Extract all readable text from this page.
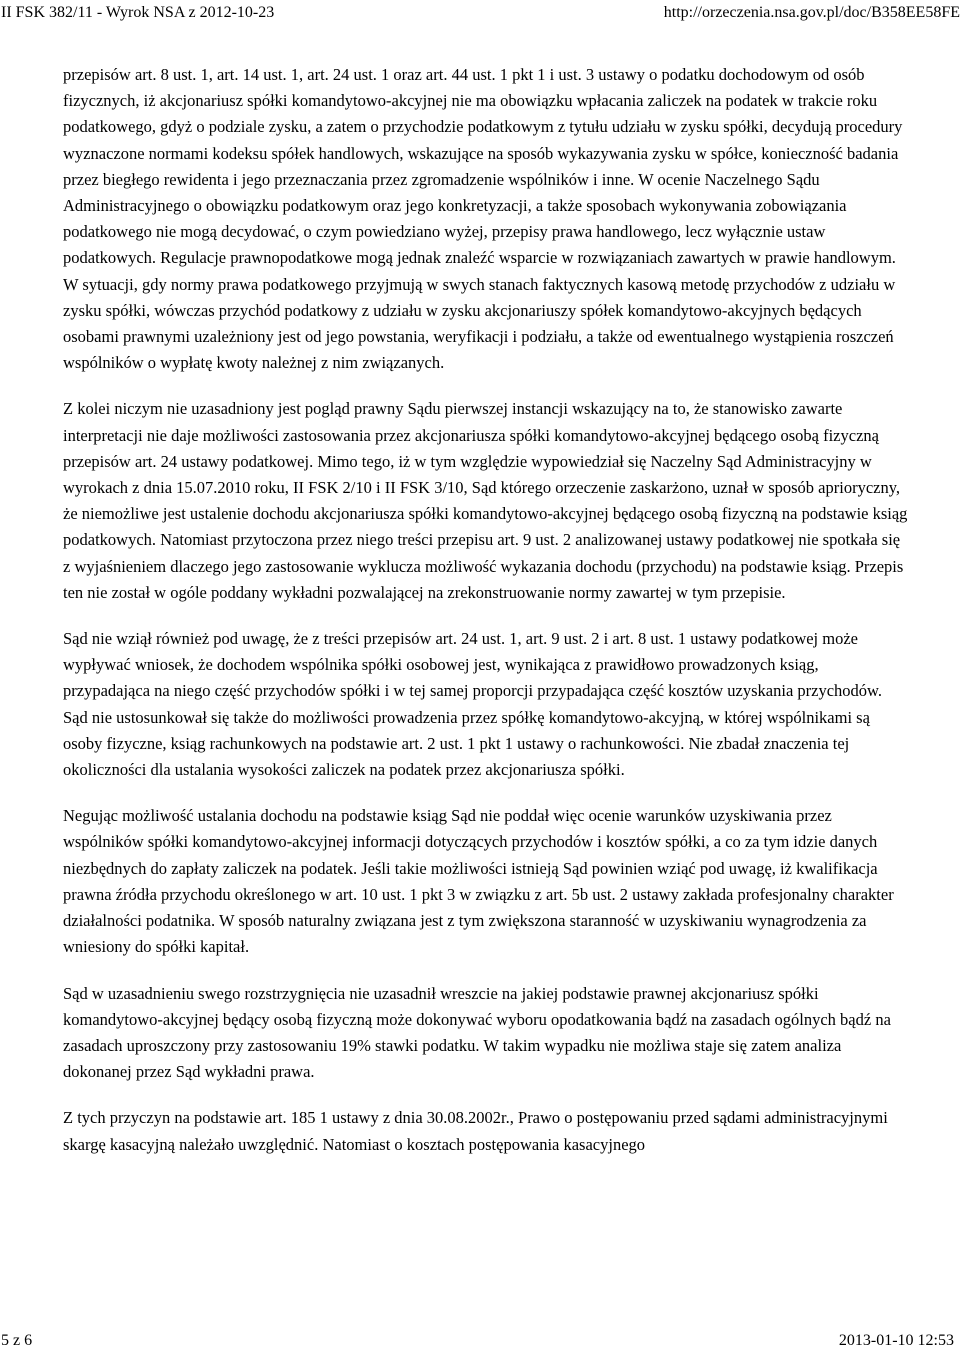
II FSK 382/11 - Wyrok NSA z 2012-10-23	http://orzeczenia.nsa.gov.pl/doc/B358EE58FE

przepisów art. 8 ust. 1, art. 14 ust. 1, art. 24 ust. 1 oraz art. 44 ust. 1 pkt 1 i ust. 3 ustawy o podatku dochodowym od osób fizycznych, iż akcjonariusz spółki komandytowo-akcyjnej nie ma obowiązku wpłacania zaliczek na podatek w trakcie roku podatkowego, gdyż o podziale zysku, a zatem o przychodzie podatkowym z tytułu udziału w zysku spółki, decydują procedury wyznaczone normami kodeksu spółek handlowych, wskazujące na sposób wykazywania zysku w spółce, konieczność badania przez biegłego rewidenta i jego przeznaczania przez zgromadzenie wspólników i inne. W ocenie Naczelnego Sądu Administracyjnego o obowiązku podatkowym oraz jego konkretyzacji, a także sposobach wykonywania zobowiązania podatkowego nie mogą decydować, o czym powiedziano wyżej, przepisy prawa handlowego, lecz wyłącznie ustaw podatkowych. Regulacje prawnopodatkowe mogą jednak znaleźć wsparcie w rozwiązaniach zawartych w prawie handlowym. W sytuacji, gdy normy prawa podatkowego przyjmują w swych stanach faktycznych kasową metodę przychodów z udziału w zysku spółki, wówczas przychód podatkowy z udziału w zysku akcjonariuszy spółek komandytowo-akcyjnych będących osobami prawnymi uzależniony jest od jego powstania, weryfikacji i podziału, a także od ewentualnego wystąpienia roszczeń wspólników o wypłatę kwoty należnej z nim związanych.

Z kolei niczym nie uzasadniony jest pogląd prawny Sądu pierwszej instancji wskazujący na to, że stanowisko zawarte interpretacji nie daje możliwości zastosowania przez akcjonariusza spółki komandytowo-akcyjnej będącego osobą fizyczną przepisów art. 24 ustawy podatkowej. Mimo tego, iż w tym względzie wypowiedział się Naczelny Sąd Administracyjny w wyrokach z dnia 15.07.2010 roku, II FSK 2/10 i II FSK 3/10, Sąd którego orzeczenie zaskarżono, uznał w sposób aprioryczny, że niemożliwe jest ustalenie dochodu akcjonariusza spółki komandytowo-akcyjnej będącego osobą fizyczną na podstawie ksiąg podatkowych. Natomiast przytoczona przez niego treści przepisu art. 9 ust. 2 analizowanej ustawy podatkowej nie spotkała się z wyjaśnieniem dlaczego jego zastosowanie wyklucza możliwość wykazania dochodu (przychodu) na podstawie ksiąg. Przepis ten nie został w ogóle poddany wykładni pozwalającej na zrekonstruowanie normy zawartej w tym przepisie.

Sąd nie wziął również pod uwagę, że z treści przepisów art. 24 ust. 1, art. 9 ust. 2 i art. 8 ust. 1 ustawy podatkowej może wypływać wniosek, że dochodem wspólnika spółki osobowej jest, wynikająca z prawidłowo prowadzonych ksiąg, przypadająca na niego część przychodów spółki i w tej samej proporcji przypadająca część kosztów uzyskania przychodów. Sąd nie ustosunkował się także do możliwości prowadzenia przez spółkę komandytowo-akcyjną, w której wspólnikami są osoby fizyczne, ksiąg rachunkowych na podstawie art. 2 ust. 1 pkt 1 ustawy o rachunkowości. Nie zbadał znaczenia tej okoliczności dla ustalania wysokości zaliczek na podatek przez akcjonariusza spółki.

Negując możliwość ustalania dochodu na podstawie ksiąg Sąd nie poddał więc ocenie warunków uzyskiwania przez wspólników spółki komandytowo-akcyjnej informacji dotyczących przychodów i kosztów spółki, a co za tym idzie danych niezbędnych do zapłaty zaliczek na podatek. Jeśli takie możliwości istnieją Sąd powinien wziąć pod uwagę, iż kwalifikacja prawna źródła przychodu określonego w art. 10 ust. 1 pkt 3 w związku z art. 5b ust. 2 ustawy zakłada profesjonalny charakter działalności podatnika. W sposób naturalny związana jest z tym zwiększona staranność w uzyskiwaniu wynagrodzenia za wniesiony do spółki kapitał.

Sąd w uzasadnieniu swego rozstrzygnięcia nie uzasadnił wreszcie na jakiej podstawie prawnej akcjonariusz spółki komandytowo-akcyjnej będący osobą fizyczną może dokonywać wyboru opodatkowania bądź na zasadach ogólnych bądź na zasadach uproszczony przy zastosowaniu 19% stawki podatku. W takim wypadku nie możliwa staje się zatem analiza dokonanej przez Sąd wykładni prawa.

Z tych przyczyn na podstawie art. 185 1 ustawy z dnia 30.08.2002r., Prawo o postępowaniu przed sądami administracyjnymi skargę kasacyjną należało uwzględnić. Natomiast o kosztach postępowania kasacyjnego

5 z 6	2013-01-10 12:53
